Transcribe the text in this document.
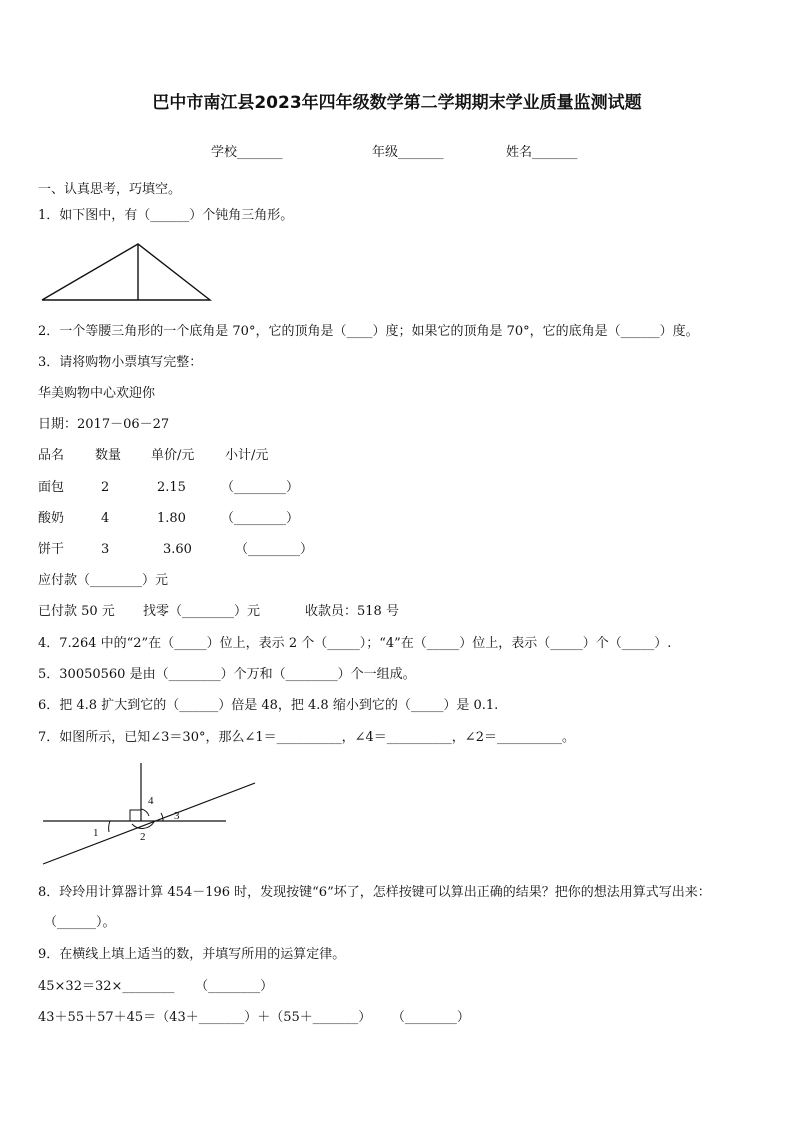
巴中市南江县2023年四年级数学第二学期期末学业质量监测试题
学校_______	年级_______	姓名_______
一、认真思考，巧填空。
1．如下图中，有（______）个钝角三角形。
2．一个等腰三角形的一个底角是 70°，它的顶角是（____）度；如果它的顶角是 70°，它的底角是（______）度。
3．请将购物小票填写完整：
华美购物中心欢迎你
日期：2017－06－27
品名 数量 单价/元 小计/元
面包	2	2.15	（________）
酸奶	4	1.80	（________）
饼干	3	3.60	（________）
应付款（________）元
已付款 50 元 找零（________）元	收款员：518 号
4．7.264 中的“2”在（_____）位上，表示 2 个（_____）；“4”在（_____）位上，表示（_____）个（_____）.
5．30050560 是由（________）个万和（________）个一组成。
6．把 4.8 扩大到它的（______）倍是 48，把 4.8 缩小到它的（_____）是 0.1.
7．如图所示，已知∠3＝30°，那么∠1＝__________，∠4＝__________，∠2＝__________。
1	2
3
4
8．玲玲用计算器计算 454－196 时，发现按键“6”坏了，怎样按键可以算出正确的结果？把你的想法用算式写出来：
（______）。
9．在横线上填上适当的数，并填写所用的运算定律。
45×32＝32×________     （________）
43＋55＋57＋45＝（43＋_______）＋（55＋_______）     （________）
